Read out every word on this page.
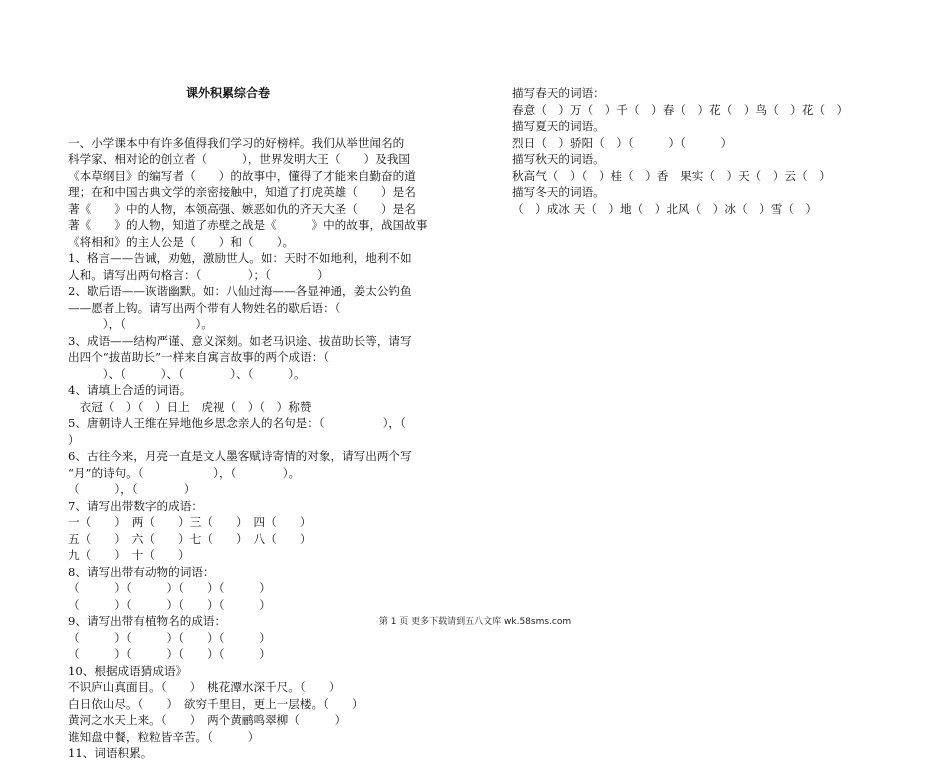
课外积累综合卷

一、小学课本中有许多值得我们学习的好榜样。我们从举世闻名的
科学家、相对论的创立者（　　　），世界发明大王（　　）及我国
《本草纲目》的编写者（　　）的故事中，懂得了才能来自勤奋的道
理；在和中国古典文学的亲密接触中，知道了打虎英雄（　　）是名
著《　　》中的人物，本领高强、嫉恶如仇的齐天大圣（　　）是名
著《　　》的人物，知道了赤壁之战是《　　　》中的故事，战国故事
《将相和》的主人公是（　　）和（　　）。
1、格言——告诫，劝勉，激励世人。如：天时不如地利，地利不如
人和。请写出两句格言：（　　　　）；（　　　　）
2、歇后语——诙谐幽默。如：八仙过海——各显神通，姜太公钓鱼
——愿者上钩。请写出两个带有人物姓名的歇后语：（
　　　），（　　　　　　）。
3、成语——结构严谨、意义深刻。如老马识途、拔苗助长等，请写
出四个“拔苗助长”一样来自寓言故事的两个成语：（
　　　）、（　　　）、（　　　　）、（　　　）。
4、请填上合适的词语。
　衣冠（　）（　）日上　虎视（　）（　）称赞
5、唐朝诗人王维在异地他乡思念亲人的名句是：（　　　　　），（
）
6、古往今来，月亮一直是文人墨客赋诗寄情的对象，请写出两个写
“月”的诗句。（　　　　　　），（　　　　）。
（　　　），（　　　　）
7、请写出带数字的成语：
一（　　）　两（　　）三（　　）　四（　　）
五（　　）　六（　　）七（　　）　八（　　）
九（　　）　十（　　）
8、请写出带有动物的词语：
（　　　）（　　　）（　　）（　　　）
（　　　）（　　　）（　　）（　　　）
9、请写出带有植物名的成语：
（　　　）（　　　）（　　）（　　　）
（　　　）（　　　）（　　）（　　　）
10、根据成语猜成语》
不识庐山真面目。（　　）　桃花潭水深千尺。（　　）
白日依山尽。（　　）　欲穷千里目，更上一层楼。（　　）
黄河之水天上来。（　　）　两个黄鹂鸣翠柳（　　　）
谁知盘中餐，粒粒皆辛苦。（　　　）
11、词语积累。

描写春天的词语：
春意（　）万（　）千（　）春（　）花（　）鸟（　）花（　）
描写夏天的词语。
烈日（　）骄阳（　）（　　　）（　　　）
描写秋天的词语。
秋高气（　）（　）桂（　）香　果实（　）天（　）云（　）
描写冬天的词语。
（　）成冰 天（　）地（　）北风（　）冰（　）雪（　）

第 1 页 更多下载请到五八文库 wk.58sms.com
